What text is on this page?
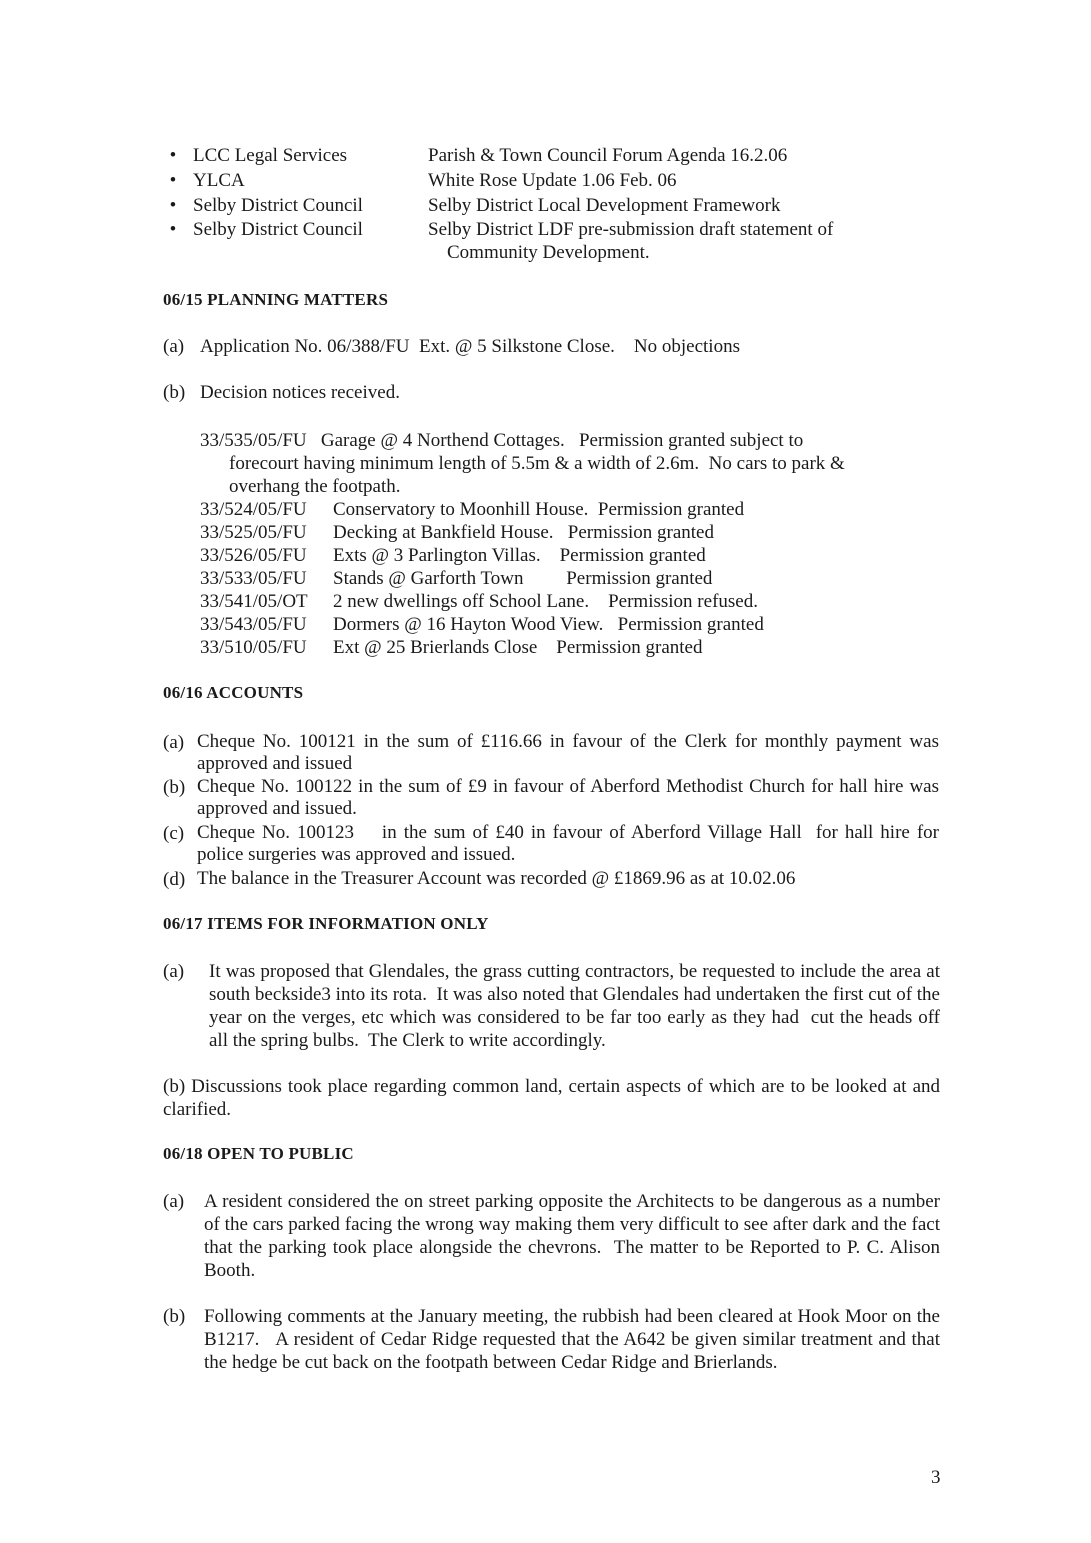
• LCC Legal Services	Parish & Town Council Forum Agenda 16.2.06
• YLCA	White Rose Update 1.06 Feb. 06
• Selby District Council	Selby District Local Development Framework
• Selby District Council	Selby District LDF pre-submission draft statement of
Community Development.
06/15 PLANNING MATTERS
(a) Application No. 06/388/FU  Ext. @ 5 Silkstone Close.    No objections
(b) Decision notices received.
33/535/05/FU Garage @ 4 Northend Cottages.   Permission granted subject to
forecourt having minimum length of 5.5m & a width of 2.6m.  No cars to park &
overhang the footpath.
33/524/05/FU Conservatory to Moonhill House.  Permission granted
33/525/05/FU Decking at Bankfield House.   Permission granted
33/526/05/FU Exts @ 3 Parlington Villas.    Permission granted
33/533/05/FU Stands @ Garforth Town         Permission granted
33/541/05/OT 2 new dwellings off School Lane.    Permission refused.
33/543/05/FU Dormers @ 16 Hayton Wood View.   Permission granted
33/510/05/FU Ext @ 25 Brierlands Close    Permission granted
06/16 ACCOUNTS
(a) Cheque No. 100121 in the sum of £116.66 in favour of the Clerk for monthly payment was approved and issued
(b) Cheque No. 100122 in the sum of £9 in favour of Aberford Methodist Church for hall hire was approved and issued.
(c) Cheque No. 100123    in the sum of £40 in favour of Aberford Village Hall  for hall hire for police surgeries was approved and issued.
(d) The balance in the Treasurer Account was recorded @ £1869.96 as at 10.02.06
06/17 ITEMS FOR INFORMATION ONLY
(a) It was proposed that Glendales, the grass cutting contractors, be requested to include the area at south beckside3 into its rota.  It was also noted that Glendales had undertaken the first cut of the year on the verges, etc which was considered to be far too early as they had  cut the heads off all the spring bulbs.  The Clerk to write accordingly.
(b) Discussions took place regarding common land, certain aspects of which are to be looked at and clarified.
06/18 OPEN TO PUBLIC
(a) A resident considered the on street parking opposite the Architects to be dangerous as a number of the cars parked facing the wrong way making them very difficult to see after dark and the fact that the parking took place alongside the chevrons.  The matter to be Reported to P. C. Alison Booth.
(b) Following comments at the January meeting, the rubbish had been cleared at Hook Moor on the B1217.   A resident of Cedar Ridge requested that the A642 be given similar treatment and that the hedge be cut back on the footpath between Cedar Ridge and Brierlands.
3
